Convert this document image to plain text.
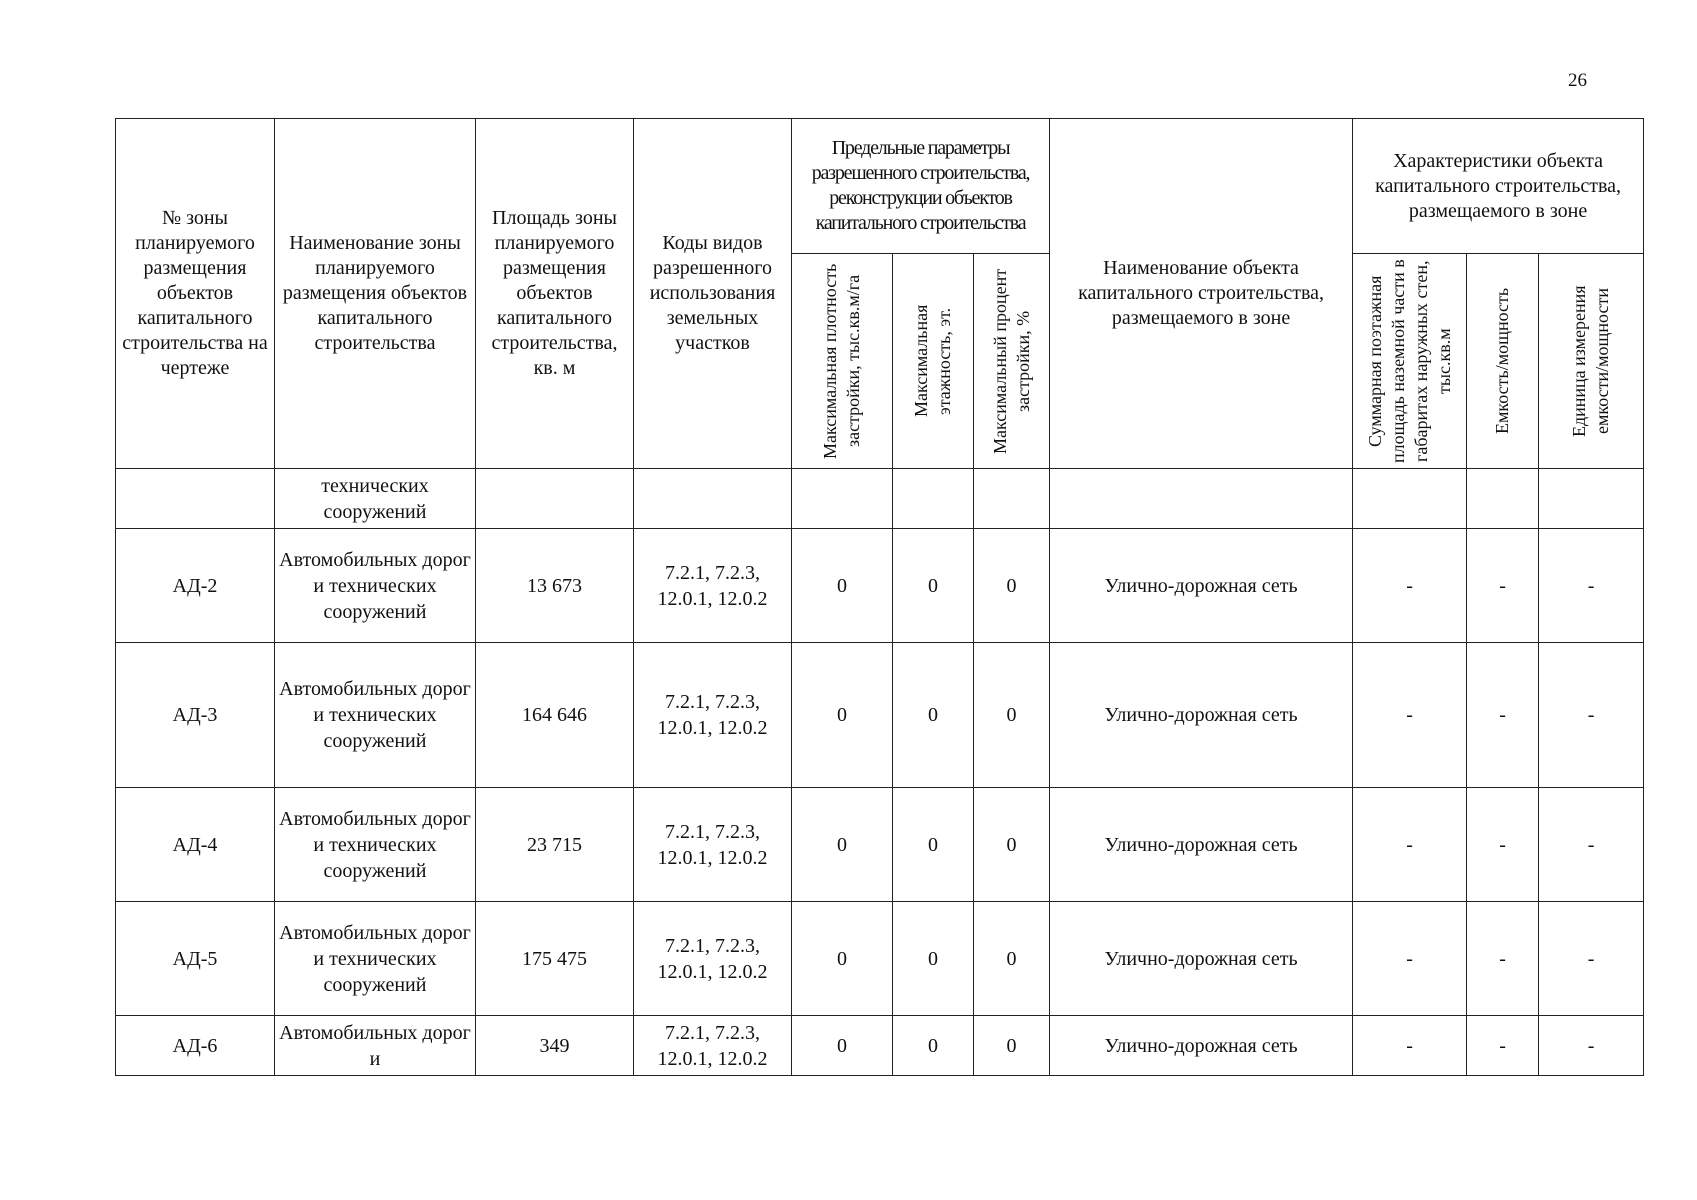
26
№ зоны планируемого размещения объектов капитального строительства на чертеже	Наименование зоны планируемого размещения объектов капитального строительства	Площадь зоны планируемого размещения объектов капитального строительства, кв. м	Коды видов разрешенного использования земельных участков	Предельные параметры разрешенного строительства, реконструкции объектов капитального строительства			Наименование объекта капитального строительства, размещаемого в зоне	Характеристики объекта капитального строительства, размещаемого в зоне		

				Максимальная плотность застройки, тыс.кв.м/га	Максимальная этажность, эт.	Максимальный процент застройки, %		Суммарная поэтажная площадь наземной части в габаритах наружных стен, тыс.кв.м	Емкость/мощность	Единица измерения емкости/мощности

	технических сооружений									
АД-2	Автомобильных дорог и технических сооружений	13 673	7.2.1, 7.2.3, 12.0.1, 12.0.2	0	0	0	Улично-дорожная сеть	-	-	-
АД-3	Автомобильных дорог и технических сооружений	164 646	7.2.1, 7.2.3, 12.0.1, 12.0.2	0	0	0	Улично-дорожная сеть	-	-	-
АД-4	Автомобильных дорог и технических сооружений	23 715	7.2.1, 7.2.3, 12.0.1, 12.0.2	0	0	0	Улично-дорожная сеть	-	-	-
АД-5	Автомобильных дорог и технических сооружений	175 475	7.2.1, 7.2.3, 12.0.1, 12.0.2	0	0	0	Улично-дорожная сеть	-	-	-
АД-6	Автомобильных дорог и	349	7.2.1, 7.2.3, 12.0.1, 12.0.2	0	0	0	Улично-дорожная сеть	-	-	-
